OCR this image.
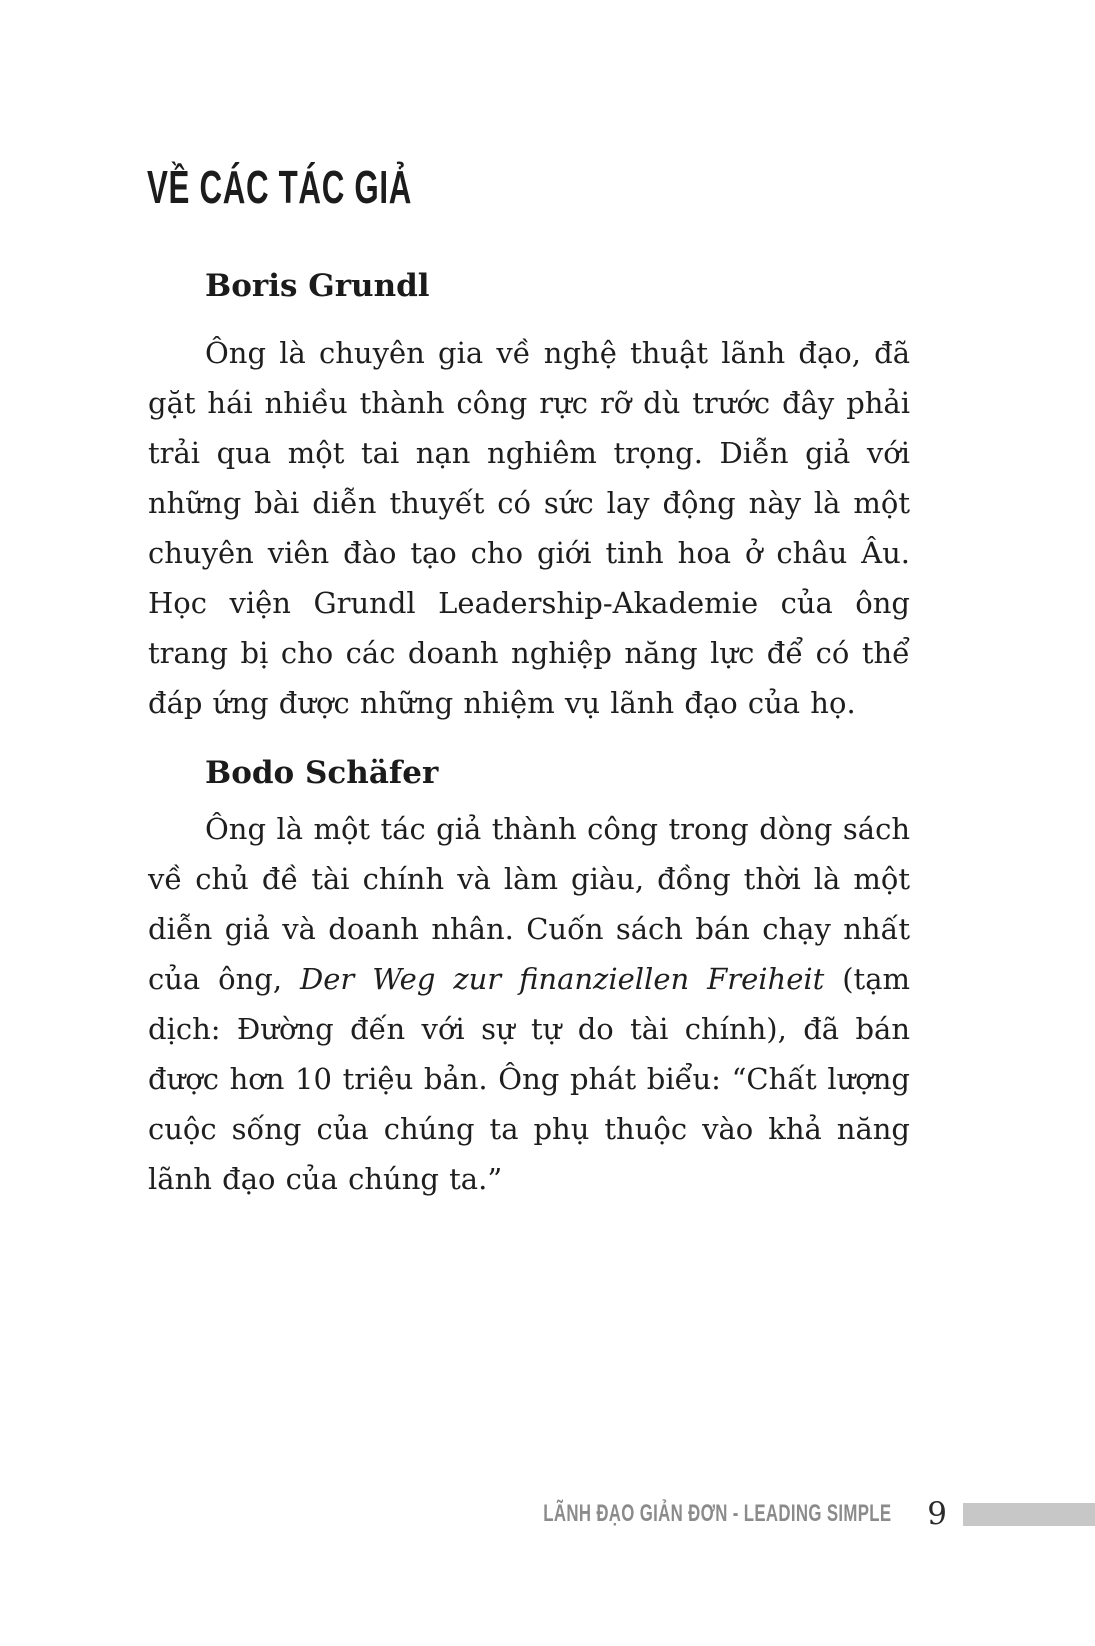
VỀ CÁC TÁC GIẢ
Boris Grundl

Ông là chuyên gia về nghệ thuật lãnh đạo, đã gặt hái nhiều thành công rực rỡ dù trước đây phải trải qua một tai nạn nghiêm trọng. Diễn giả với những bài diễn thuyết có sức lay động này là một chuyên viên đào tạo cho giới tinh hoa ở châu Âu. Học viện Grundl Leadership-Akademie của ông trang bị cho các doanh nghiệp năng lực để có thể đáp ứng được những nhiệm vụ lãnh đạo của họ.

Bodo Schäfer

Ông là một tác giả thành công trong dòng sách về chủ đề tài chính và làm giàu, đồng thời là một diễn giả và doanh nhân. Cuốn sách bán chạy nhất của ông, Der Weg zur finanziellen Freiheit (tạm dịch: Đường đến với sự tự do tài chính), đã bán được hơn 10 triệu bản. Ông phát biểu: “Chất lượng cuộc sống của chúng ta phụ thuộc vào khả năng lãnh đạo của chúng ta.”

LÃNH ĐẠO GIẢN ĐƠN - LEADING SIMPLE 9
